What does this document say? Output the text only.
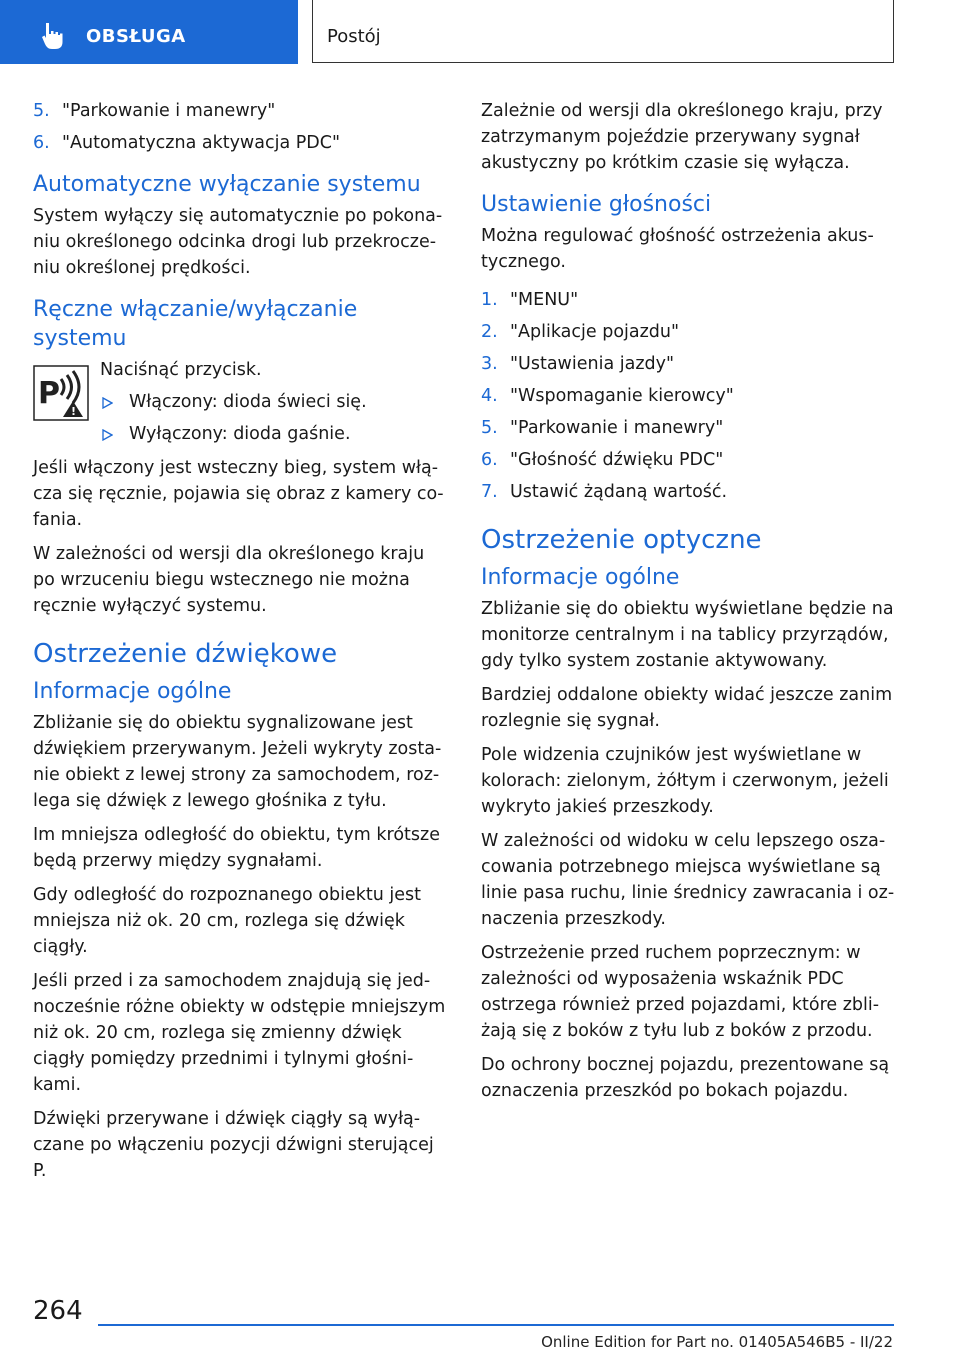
OBSŁUGA	Postój
5. "Parkowanie i manewry"
6. "Automatyczna aktywacja PDC"
Automatyczne wyłączanie systemu

System wyłączy się automatycznie po pokonaniu określonego odcinka drogi lub przekroczeniu określonej prędkości.

Ręczne włączanie/wyłączanie systemu
P
!
Naciśnąć przycisk.
Włączony: dioda świeci się.
Wyłączony: dioda gaśnie.

Jeśli włączony jest wsteczny bieg, system włącza się ręcznie, pojawia się obraz z kamery cofania.

W zależności od wersji dla określonego kraju po wrzuceniu biegu wstecznego nie można ręcznie wyłączyć systemu.

Ostrzeżenie dźwiękowe
Informacje ogólne

Zbliżanie się do obiektu sygnalizowane jest dźwiękiem przerywanym. Jeżeli wykryty zostanie obiekt z lewej strony za samochodem, rozlega się dźwięk z lewego głośnika z tyłu.

Im mniejsza odległość do obiektu, tym krótsze będą przerwy między sygnałami.

Gdy odległość do rozpoznanego obiektu jest mniejsza niż ok. 20 cm, rozlega się dźwięk ciągły.

Jeśli przed i za samochodem znajdują się jednocześnie różne obiekty w odstępie mniejszym niż ok. 20 cm, rozlega się zmienny dźwięk ciągły pomiędzy przednimi i tylnymi głośnikami.

Dźwięki przerywane i dźwięk ciągły są wyłączane po włączeniu pozycji dźwigni sterującej P.

Zależnie od wersji dla określonego kraju, przy zatrzymanym pojeździe przerywany sygnał akustyczny po krótkim czasie się wyłącza.

Ustawienie głośności

Można regulować głośność ostrzeżenia akustycznego.

1. "MENU"
2. "Aplikacje pojazdu"
3. "Ustawienia jazdy"
4. "Wspomaganie kierowcy"
5. "Parkowanie i manewry"
6. "Głośność dźwięku PDC"
7. Ustawić żądaną wartość.
Ostrzeżenie optyczne
Informacje ogólne

Zbliżanie się do obiektu wyświetlane będzie na monitorze centralnym i na tablicy przyrządów, gdy tylko system zostanie aktywowany.

Bardziej oddalone obiekty widać jeszcze zanim rozlegnie się sygnał.

Pole widzenia czujników jest wyświetlane w kolorach: zielonym, żółtym i czerwonym, jeżeli wykryto jakieś przeszkody.

W zależności od widoku w celu lepszego oszacowania potrzebnego miejsca wyświetlane są linie pasa ruchu, linie średnicy zawracania i oznaczenia przeszkody.

Ostrzeżenie przed ruchem poprzecznym: w zależności od wyposażenia wskaźnik PDC ostrzega również przed pojazdami, które zbliżają się z boków z tyłu lub z boków z przodu.

Do ochrony bocznej pojazdu, prezentowane są oznaczenia przeszkód po bokach pojazdu.

264
Online Edition for Part no. 01405A546B5 - II/22
